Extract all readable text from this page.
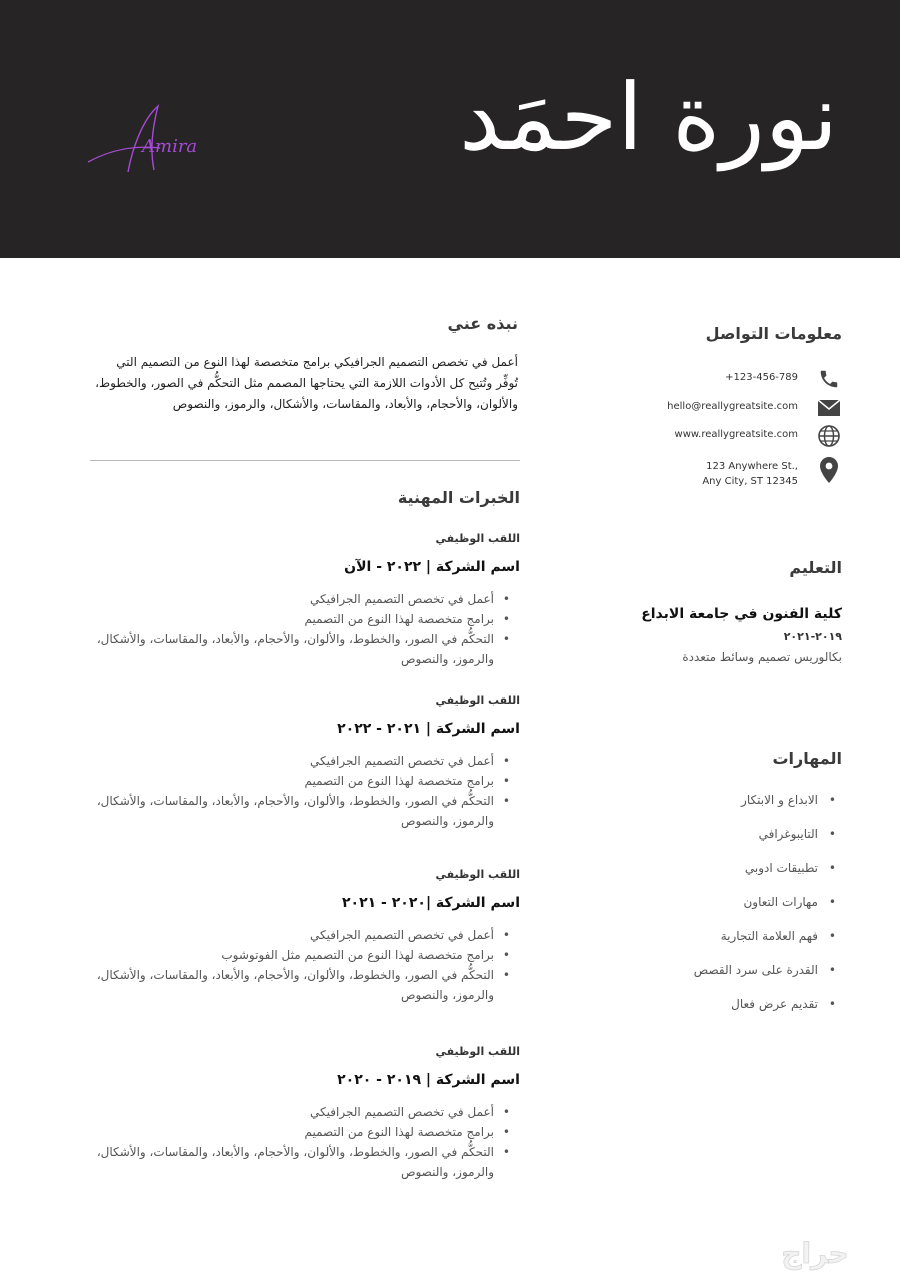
نورة احمَد
Amira
نبذه عني
أعمل في تخصص التصميم الجرافيكي برامج متخصصة لهذا النوع من التصميم التي تُوفِّر وتُتيح كل الأدوات اللازمة التي يحتاجها المصمم مثل التحكُّم في الصور، والخطوط، والألوان، والأحجام، والأبعاد، والمقاسات، والأشكال، والرموز، والنصوص
معلومات التواصل
+123-456-789
hello@reallygreatsite.com
www.reallygreatsite.com
123 Anywhere St.,
Any City, ST 12345
الخبرات المهنية
اللقب الوظيفي
اسم الشركة | ٢٠٢٢ - الآن
• أعمل في تخصص التصميم الجرافيكي
• برامج متخصصة لهذا النوع من التصميم
• التحكُّم في الصور، والخطوط، والألوان، والأحجام، والأبعاد، والمقاسات، والأشكال، والرموز، والنصوص
اللقب الوظيفي
اسم الشركة | ٢٠٢١ - ٢٠٢٢
• أعمل في تخصص التصميم الجرافيكي
• برامج متخصصة لهذا النوع من التصميم
• التحكُّم في الصور، والخطوط، والألوان، والأحجام، والأبعاد، والمقاسات، والأشكال، والرموز، والنصوص
اللقب الوظيفي
اسم الشركة |٢٠٢٠ - ٢٠٢١
• أعمل في تخصص التصميم الجرافيكي
• برامج متخصصة لهذا النوع من التصميم مثل الفوتوشوب
• التحكُّم في الصور، والخطوط، والألوان، والأحجام، والأبعاد، والمقاسات، والأشكال، والرموز، والنصوص
اللقب الوظيفي
اسم الشركة | ٢٠١٩ - ٢٠٢٠
• أعمل في تخصص التصميم الجرافيكي
• برامج متخصصة لهذا النوع من التصميم
• التحكُّم في الصور، والخطوط، والألوان، والأحجام، والأبعاد، والمقاسات، والأشكال، والرموز، والنصوص
التعليم
كلية الفنون في جامعة الابداع
٢٠١٩-٢٠٢١
بكالوريس تصميم وسائط متعددة
المهارات
• الابداع و الابتكار
• التايبوغرافي
• تطبيقات ادوبي
• مهارات التعاون
• فهم العلامة التجارية
• القدرة على سرد القصص
• تقديم عرض فعال
حراج
